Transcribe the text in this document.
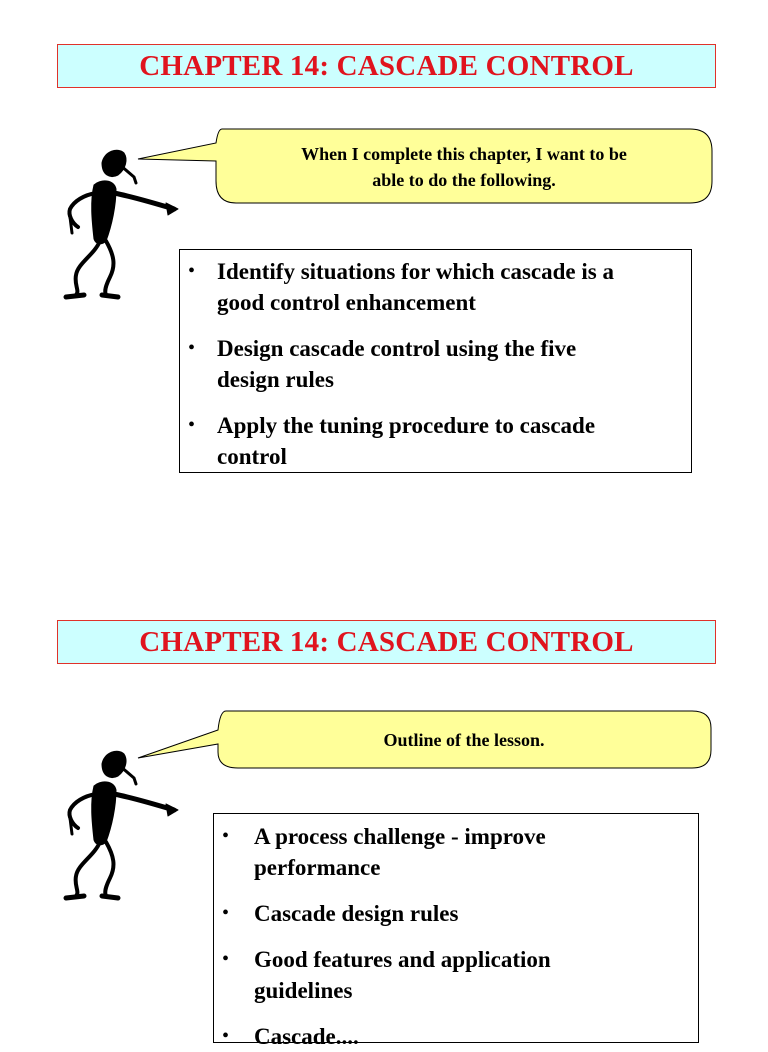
CHAPTER 14: CASCADE CONTROL
When I complete this chapter, I want to be
able to do the following.
• Identify situations for which cascade is a
good control enhancement
• Design cascade control using the five
design rules
• Apply the tuning procedure to cascade
control
CHAPTER 14: CASCADE CONTROL
Outline of the lesson.
• A process challenge - improve
performance
• Cascade design rules
• Good features and application
guidelines
• Cascade....
